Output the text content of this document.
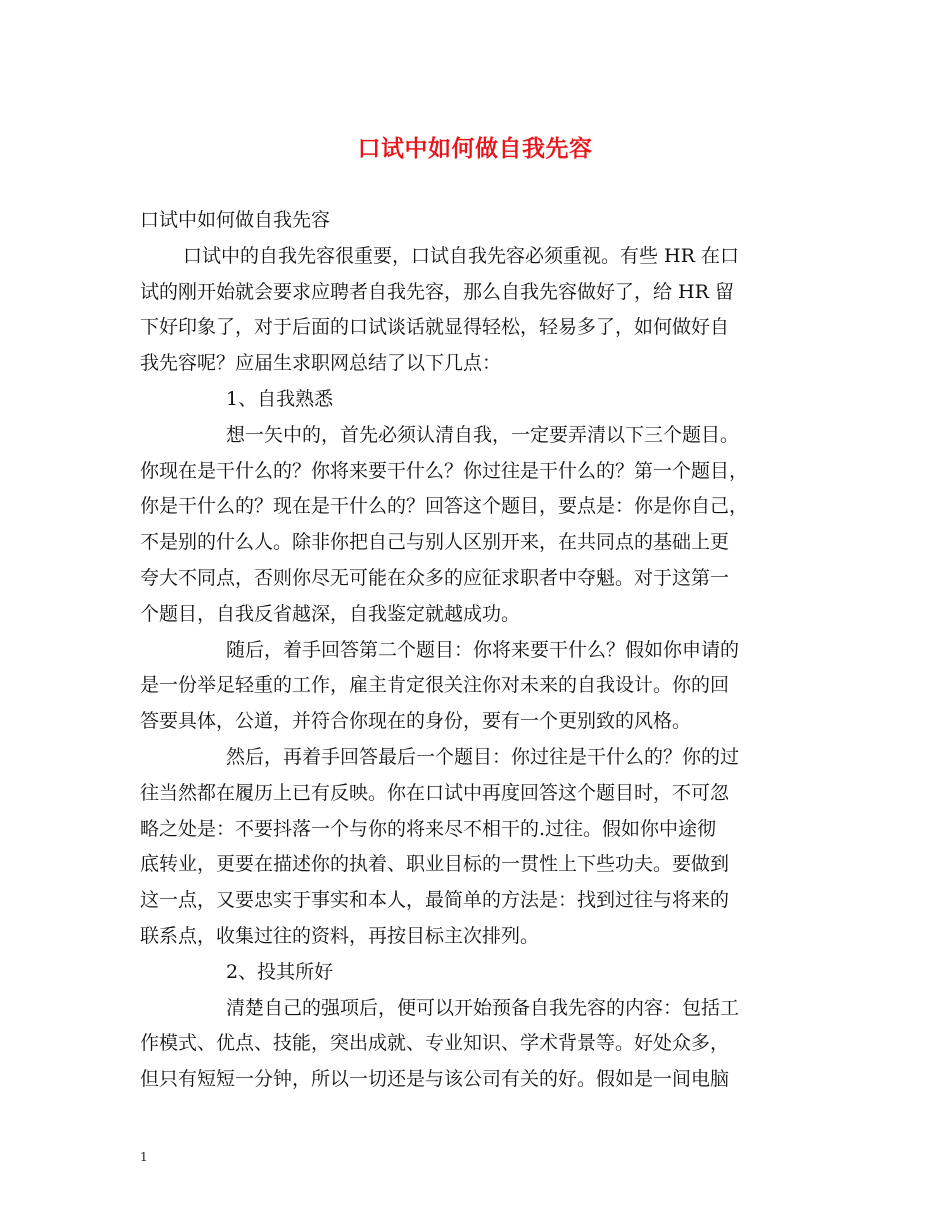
口试中如何做自我先容
口试中如何做自我先容
口试中的自我先容很重要，口试自我先容必须重视。有些 HR 在口
试的刚开始就会要求应聘者自我先容，那么自我先容做好了，给 HR 留
下好印象了，对于后面的口试谈话就显得轻松，轻易多了，如何做好自
我先容呢？应届生求职网总结了以下几点：
1、自我熟悉
想一矢中的，首先必须认清自我，一定要弄清以下三个题目。
你现在是干什么的？你将来要干什么？你过往是干什么的？第一个题目，
你是干什么的？现在是干什么的？回答这个题目，要点是：你是你自己，
不是别的什么人。除非你把自己与别人区别开来，在共同点的基础上更
夸大不同点，否则你尽无可能在众多的应征求职者中夺魁。对于这第一
个题目，自我反省越深，自我鉴定就越成功。
随后，着手回答第二个题目：你将来要干什么？假如你申请的
是一份举足轻重的工作，雇主肯定很关注你对未来的自我设计。你的回
答要具体，公道，并符合你现在的身份，要有一个更别致的风格。
然后，再着手回答最后一个题目：你过往是干什么的？你的过
往当然都在履历上已有反映。你在口试中再度回答这个题目时，不可忽
略之处是：不要抖落一个与你的将来尽不相干的.过往。假如你中途彻
底转业，更要在描述你的执着、职业目标的一贯性上下些功夫。要做到
这一点，又要忠实于事实和本人，最简单的方法是：找到过往与将来的
联系点，收集过往的资料，再按目标主次排列。
2、投其所好
清楚自己的强项后，便可以开始预备自我先容的内容：包括工
作模式、优点、技能，突出成就、专业知识、学术背景等。好处众多，
但只有短短一分钟，所以一切还是与该公司有关的好。假如是一间电脑
1
